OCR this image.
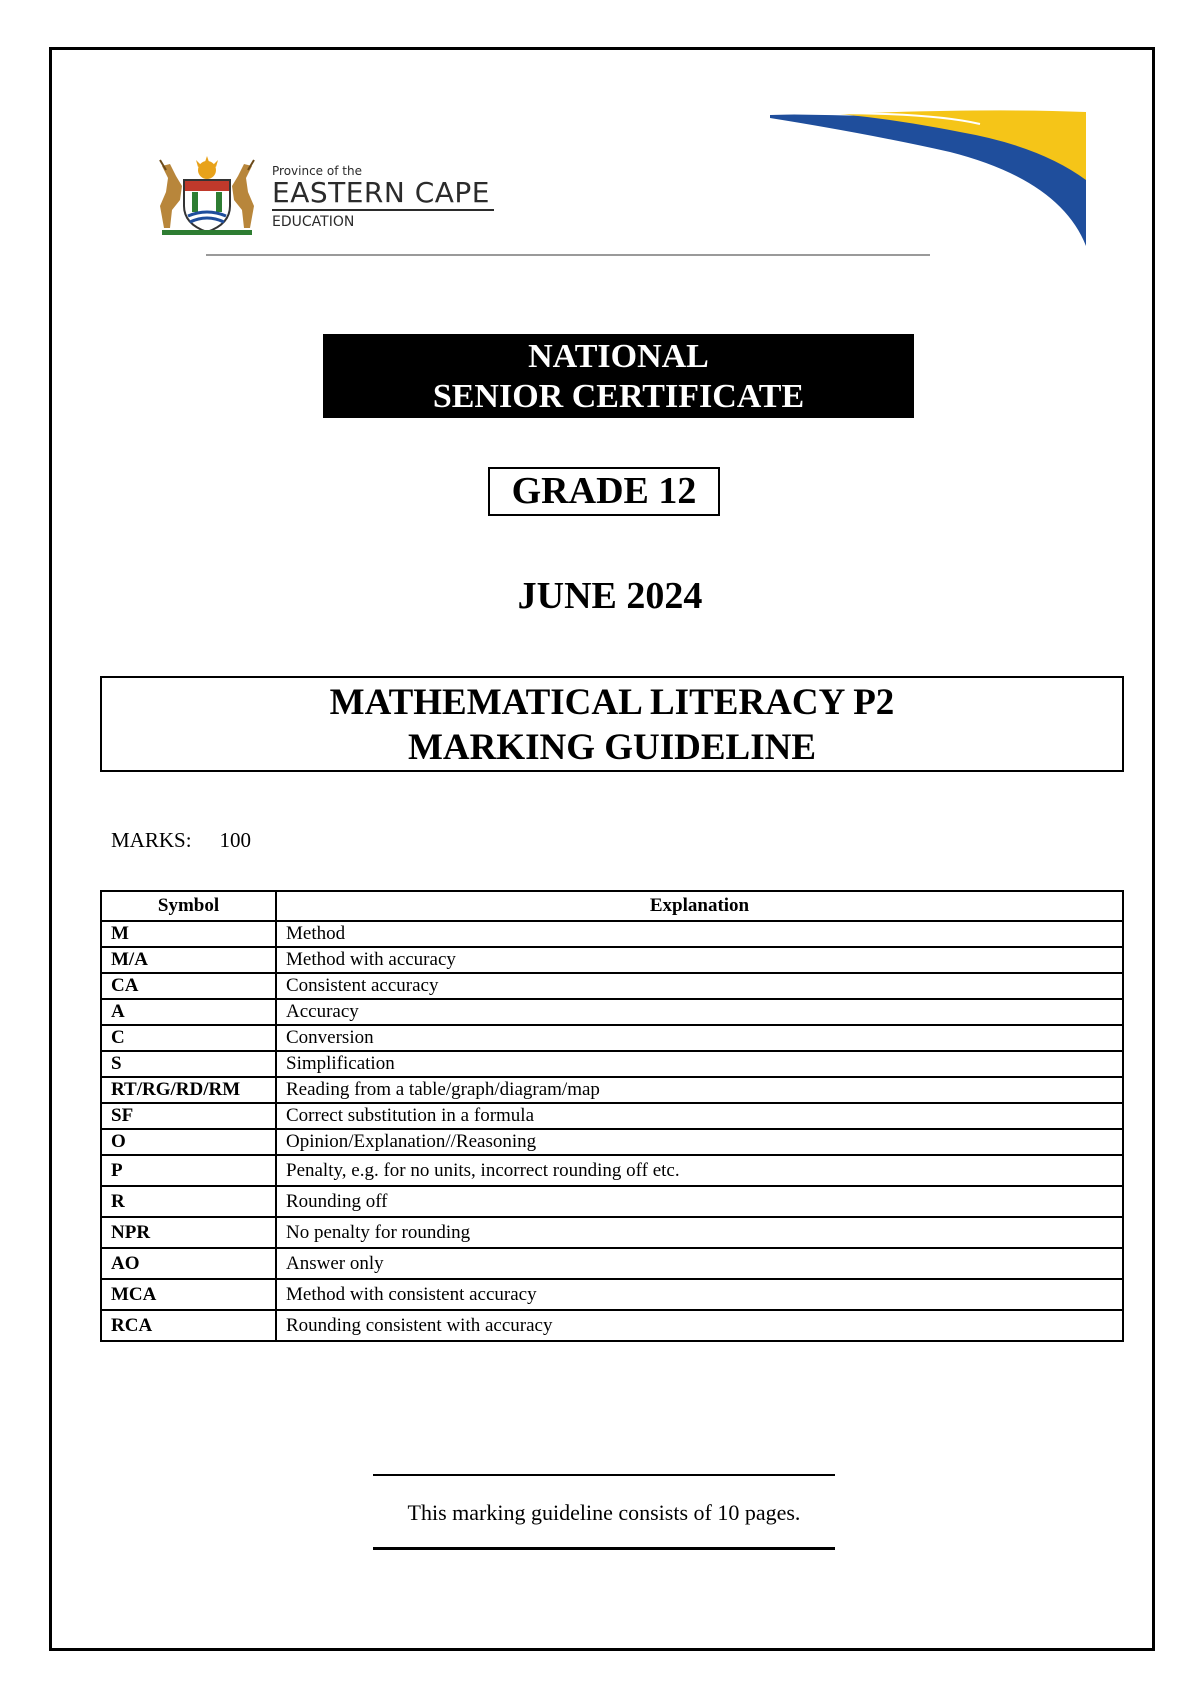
Province of the
EASTERN CAPE
EDUCATION
NATIONAL
SENIOR CERTIFICATE
GRADE 12
JUNE 2024
MATHEMATICAL LITERACY P2
MARKING GUIDELINE
MARKS: 100
Symbol	Explanation
M	Method
M/A	Method with accuracy
CA	Consistent accuracy
A	Accuracy
C	Conversion
S	Simplification
RT/RG/RD/RM	Reading from a table/graph/diagram/map
SF	Correct substitution in a formula
O	Opinion/Explanation//Reasoning
P	Penalty, e.g. for no units, incorrect rounding off etc.
R	Rounding off
NPR	No penalty for rounding
AO	Answer only
MCA	Method with consistent accuracy
RCA	Rounding consistent with accuracy
This marking guideline consists of 10 pages.
